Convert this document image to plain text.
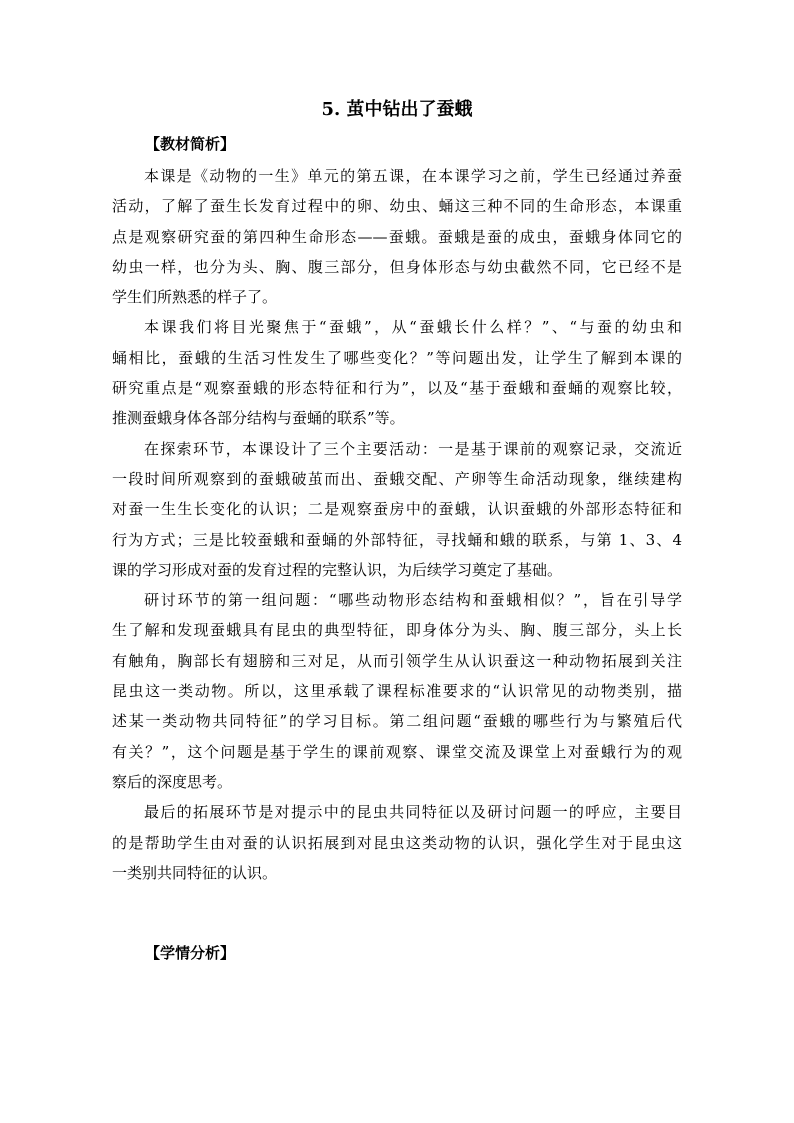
5. 茧中钻出了蚕蛾
【教材简析】
本课是《动物的一生》单元的第五课，在本课学习之前，学生已经通过养蚕
活动，了解了蚕生长发育过程中的卵、幼虫、蛹这三种不同的生命形态，本课重
点是观察研究蚕的第四种生命形态——蚕蛾。蚕蛾是蚕的成虫，蚕蛾身体同它的
幼虫一样，也分为头、胸、腹三部分，但身体形态与幼虫截然不同，它已经不是
学生们所熟悉的样子了。
本课我们将目光聚焦于“蚕蛾”，从“蚕蛾长什么样？”、“与蚕的幼虫和
蛹相比，蚕蛾的生活习性发生了哪些变化？”等问题出发，让学生了解到本课的
研究重点是“观察蚕蛾的形态特征和行为”，以及“基于蚕蛾和蚕蛹的观察比较，
推测蚕蛾身体各部分结构与蚕蛹的联系”等。
在探索环节，本课设计了三个主要活动：一是基于课前的观察记录，交流近
一段时间所观察到的蚕蛾破茧而出、蚕蛾交配、产卵等生命活动现象，继续建构
对蚕一生生长变化的认识；二是观察蚕房中的蚕蛾，认识蚕蛾的外部形态特征和
行为方式；三是比较蚕蛾和蚕蛹的外部特征，寻找蛹和蛾的联系，与第 1、3、4
课的学习形成对蚕的发育过程的完整认识，为后续学习奠定了基础。
研讨环节的第一组问题：“哪些动物形态结构和蚕蛾相似？”，旨在引导学
生了解和发现蚕蛾具有昆虫的典型特征，即身体分为头、胸、腹三部分，头上长
有触角，胸部长有翅膀和三对足，从而引领学生从认识蚕这一种动物拓展到关注
昆虫这一类动物。所以，这里承载了课程标准要求的“认识常见的动物类别，描
述某一类动物共同特征”的学习目标。第二组问题“蚕蛾的哪些行为与繁殖后代
有关？”，这个问题是基于学生的课前观察、课堂交流及课堂上对蚕蛾行为的观
察后的深度思考。
最后的拓展环节是对提示中的昆虫共同特征以及研讨问题一的呼应，主要目
的是帮助学生由对蚕的认识拓展到对昆虫这类动物的认识，强化学生对于昆虫这
一类别共同特征的认识。
【学情分析】
